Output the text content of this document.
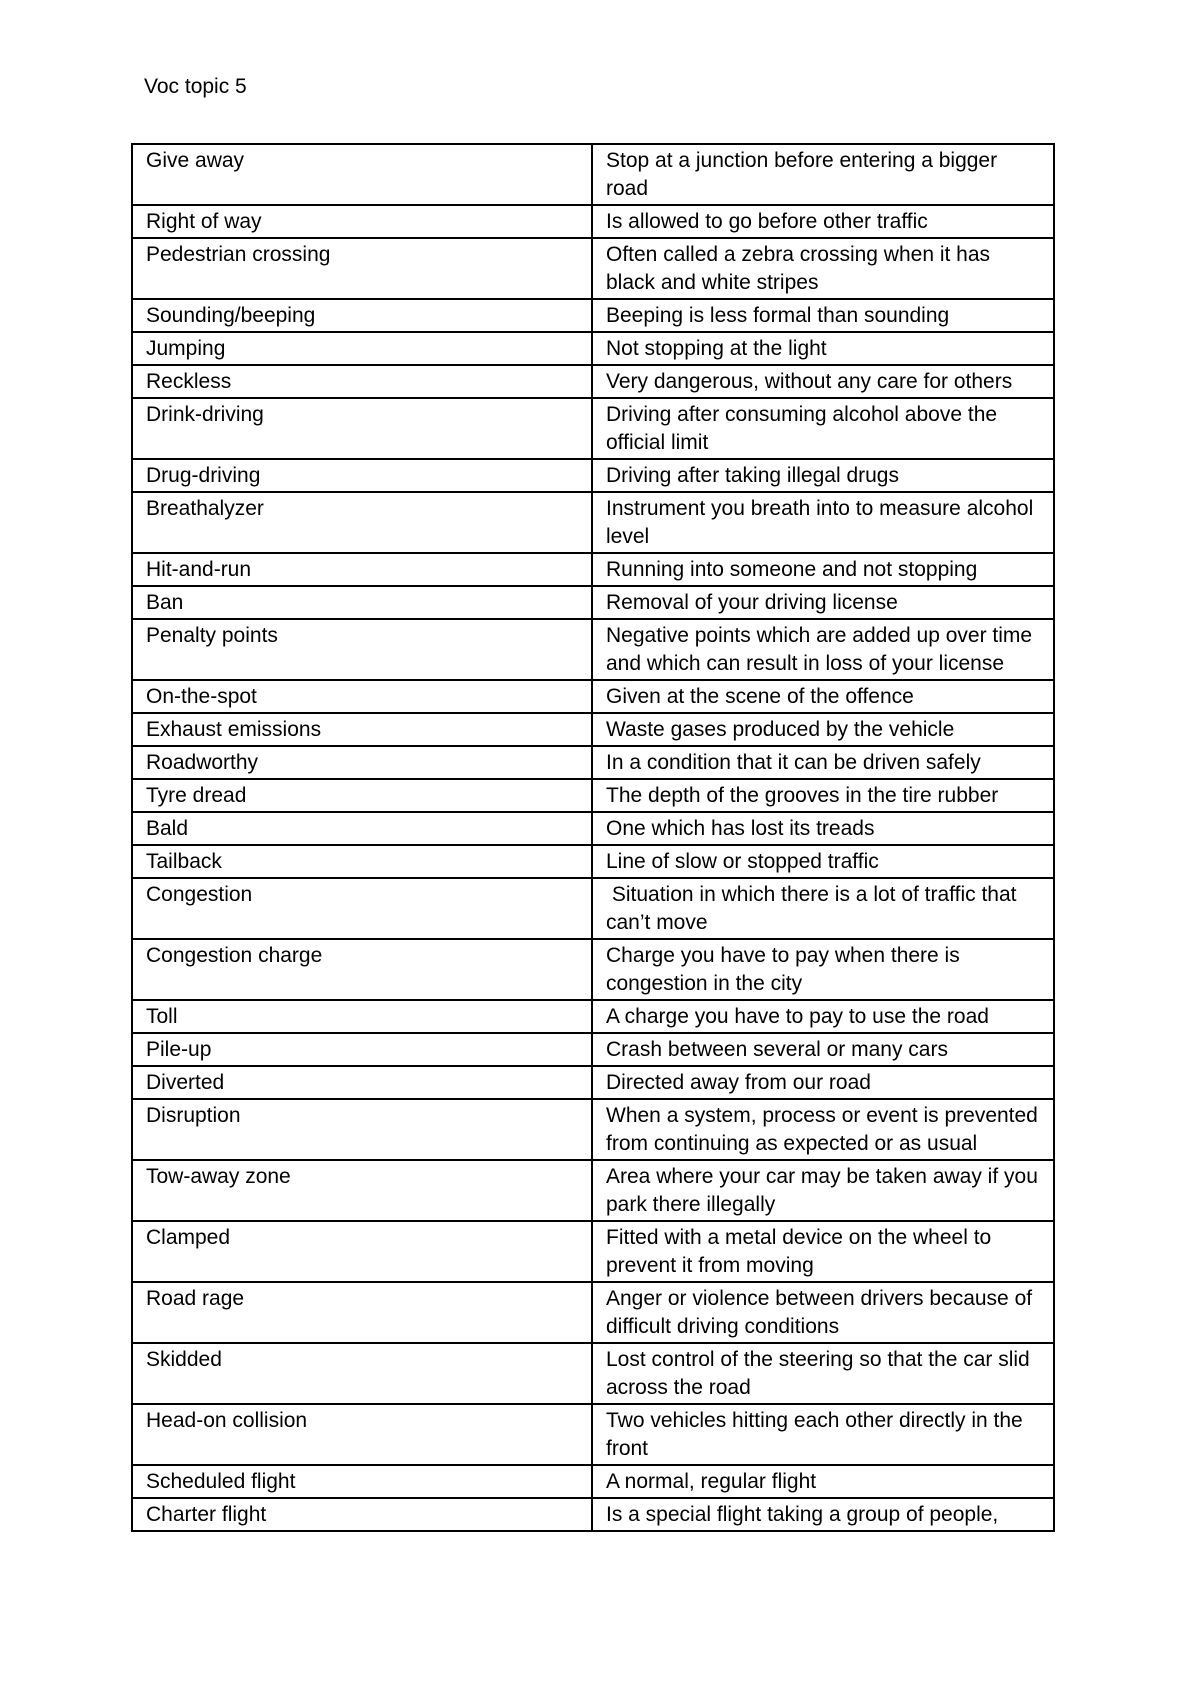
Voc topic 5
Give away	Stop at a junction before entering a bigger road
Right of way	Is allowed to go before other traffic
Pedestrian crossing	Often called a zebra crossing when it has black and white stripes
Sounding/beeping	Beeping is less formal than sounding
Jumping	Not stopping at the light
Reckless	Very dangerous, without any care for others
Drink-driving	Driving after consuming alcohol above the official limit
Drug-driving	Driving after taking illegal drugs
Breathalyzer	Instrument you breath into to measure alcohol level
Hit-and-run	Running into someone and not stopping
Ban	Removal of your driving license
Penalty points	Negative points which are added up over time and which can result in loss of your license
On-the-spot	Given at the scene of the offence
Exhaust emissions	Waste gases produced by the vehicle
Roadworthy	In a condition that it can be driven safely
Tyre dread	The depth of the grooves in the tire rubber
Bald	One which has lost its treads
Tailback	Line of slow or stopped traffic
Congestion	Situation in which there is a lot of traffic that can’t move
Congestion charge	Charge you have to pay when there is congestion in the city
Toll	A charge you have to pay to use the road
Pile-up	Crash between several or many cars
Diverted	Directed away from our road
Disruption	When a system, process or event is prevented from continuing as expected or as usual
Tow-away zone	Area where your car may be taken away if you park there illegally
Clamped	Fitted with a metal device on the wheel to prevent it from moving
Road rage	Anger or violence between drivers because of difficult driving conditions
Skidded	Lost control of the steering so that the car slid across the road
Head-on collision	Two vehicles hitting each other directly in the front
Scheduled flight	A normal, regular flight
Charter flight	Is a special flight taking a group of people,
